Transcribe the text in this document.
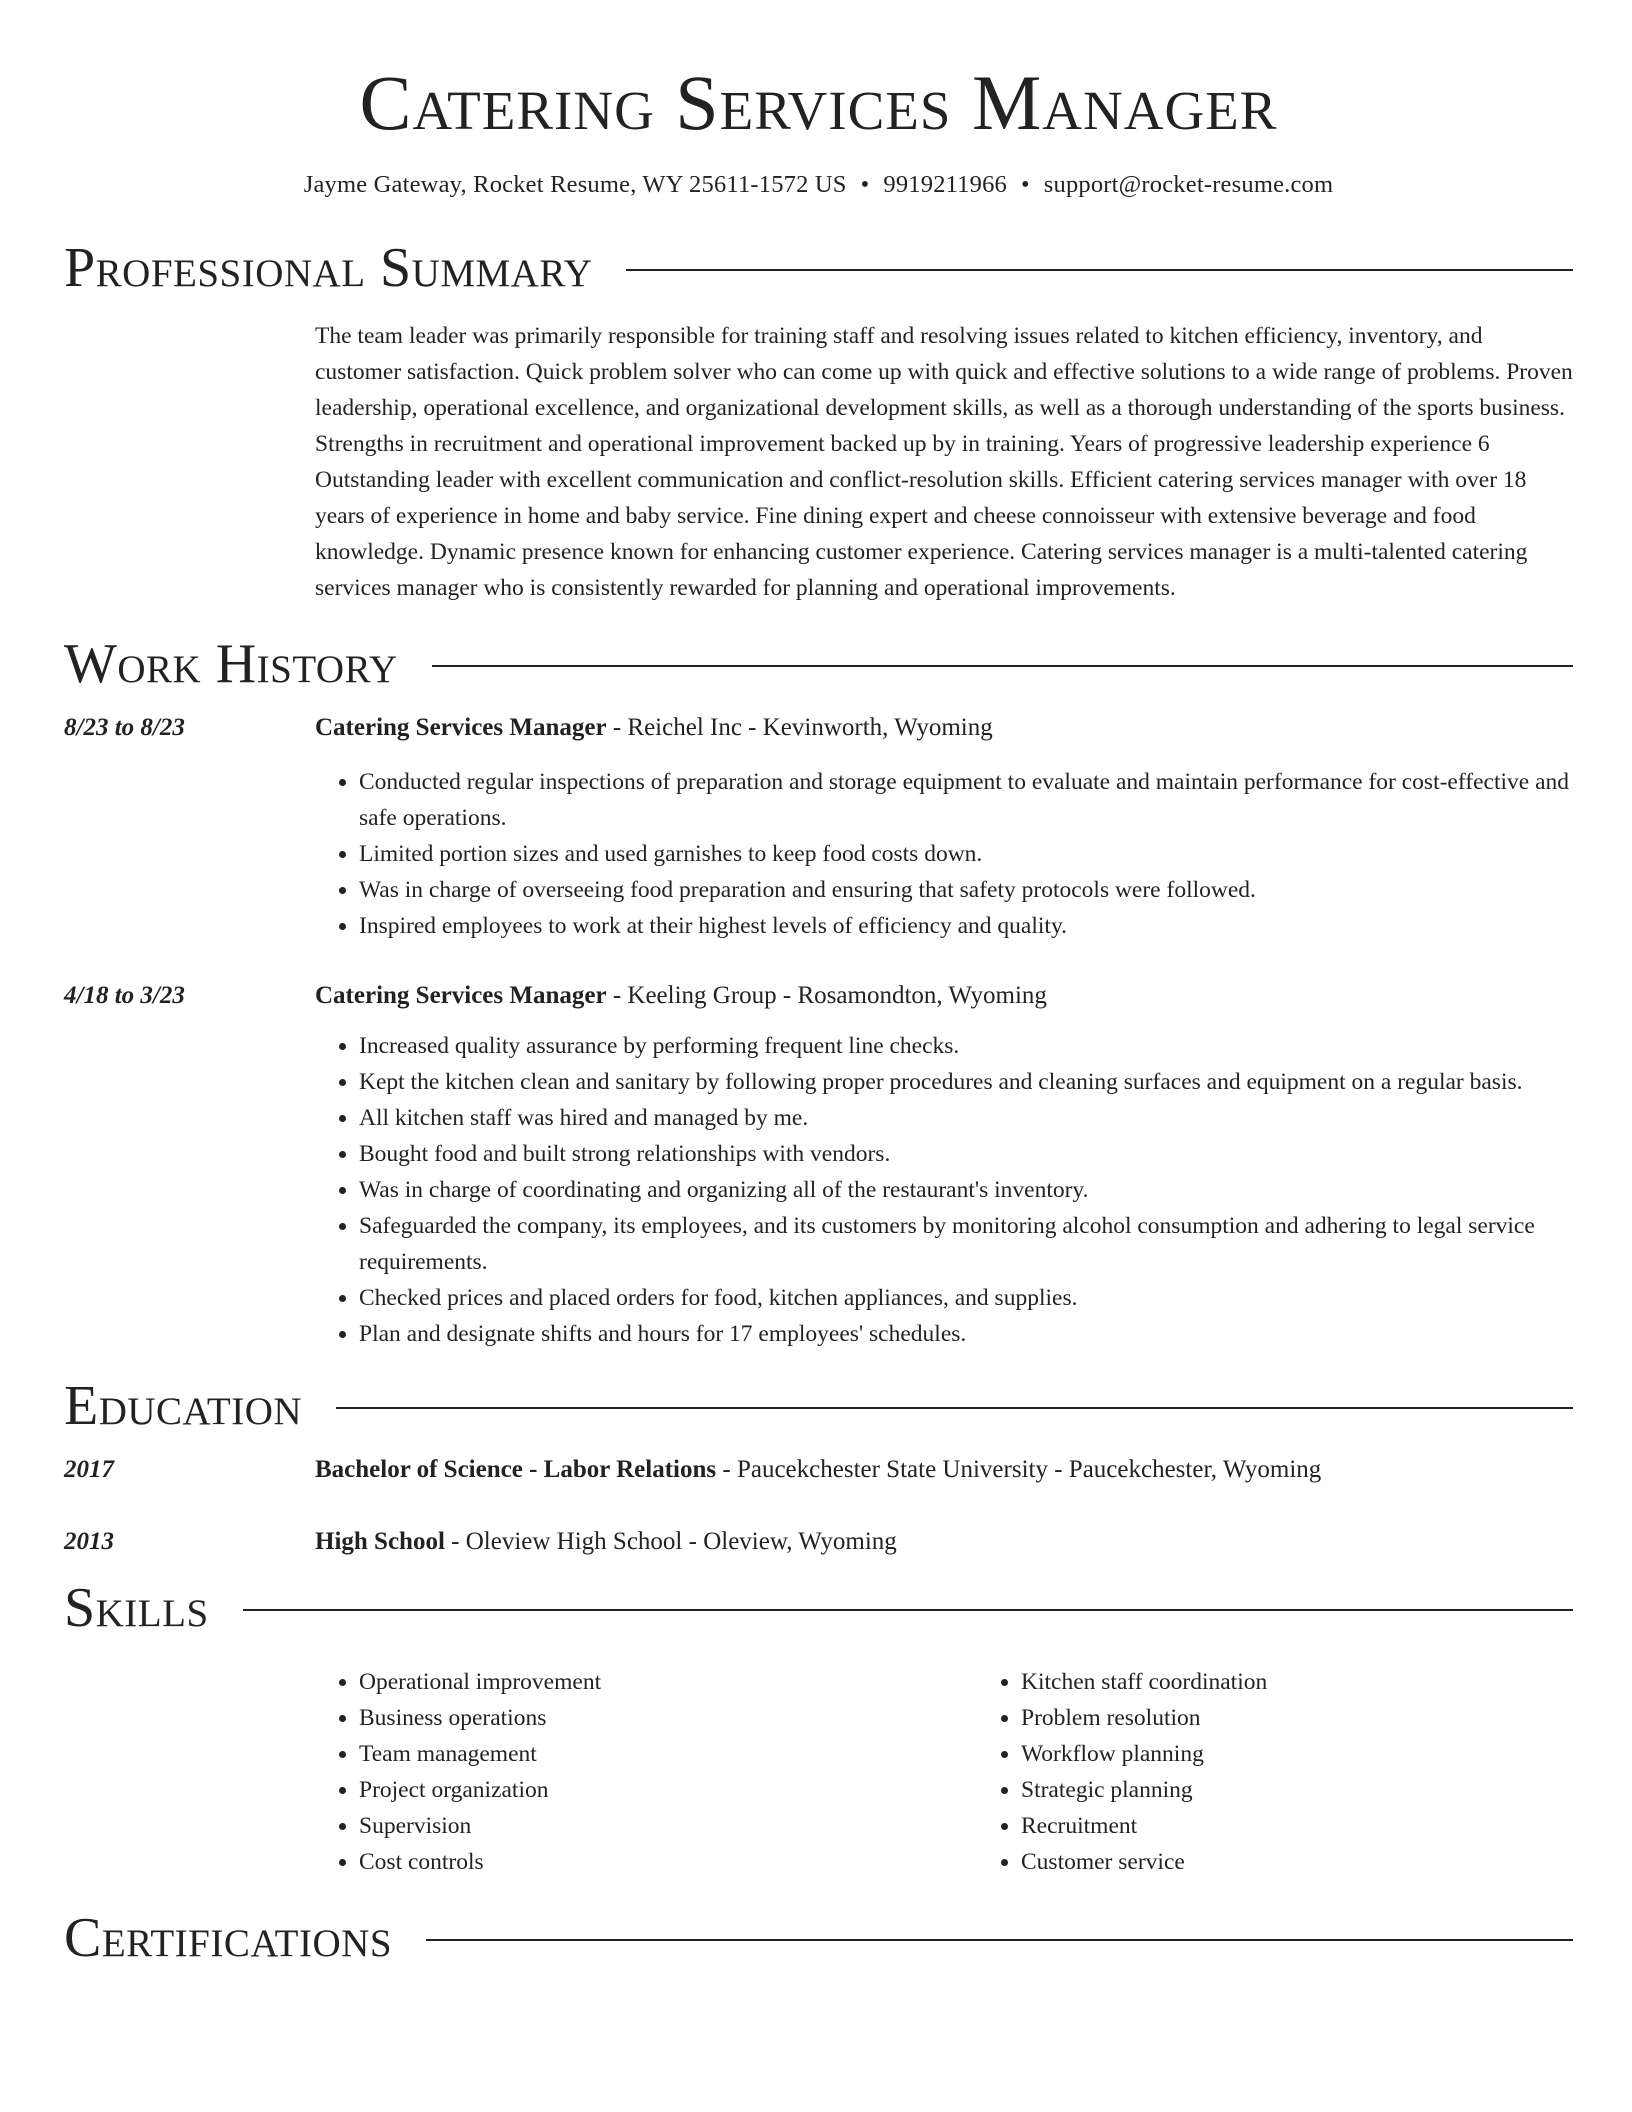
Catering Services Manager
Jayme Gateway, Rocket Resume, WY 25611-1572 US • 9919211966 • support@rocket-resume.com
Professional Summary

The team leader was primarily responsible for training staff and resolving issues related to kitchen efficiency, inventory, and customer satisfaction. Quick problem solver who can come up with quick and effective solutions to a wide range of problems. Proven leadership, operational excellence, and organizational development skills, as well as a thorough understanding of the sports business. Strengths in recruitment and operational improvement backed up by in training. Years of progressive leadership experience 6 Outstanding leader with excellent communication and conflict-resolution skills. Efficient catering services manager with over 18 years of experience in home and baby service. Fine dining expert and cheese connoisseur with extensive beverage and food knowledge. Dynamic presence known for enhancing customer experience. Catering services manager is a multi-talented catering services manager who is consistently rewarded for planning and operational improvements.

Work History
8/23 to 8/23	Catering Services Manager - Reichel Inc - Kevinworth, Wyoming
• Conducted regular inspections of preparation and storage equipment to evaluate and maintain performance for cost-effective and safe operations.
• Limited portion sizes and used garnishes to keep food costs down.
• Was in charge of overseeing food preparation and ensuring that safety protocols were followed.
• Inspired employees to work at their highest levels of efficiency and quality.
4/18 to 3/23	Catering Services Manager - Keeling Group - Rosamondton, Wyoming
• Increased quality assurance by performing frequent line checks.
• Kept the kitchen clean and sanitary by following proper procedures and cleaning surfaces and equipment on a regular basis.
• All kitchen staff was hired and managed by me.
• Bought food and built strong relationships with vendors.
• Was in charge of coordinating and organizing all of the restaurant's inventory.
• Safeguarded the company, its employees, and its customers by monitoring alcohol consumption and adhering to legal service requirements.
• Checked prices and placed orders for food, kitchen appliances, and supplies.
• Plan and designate shifts and hours for 17 employees' schedules.
Education
2017	Bachelor of Science - Labor Relations - Paucekchester State University - Paucekchester, Wyoming
2013	High School - Oleview High School - Oleview, Wyoming
Skills
• Operational improvement
• Business operations
• Team management
• Project organization
• Supervision
• Cost controls
• Kitchen staff coordination
• Problem resolution
• Workflow planning
• Strategic planning
• Recruitment
• Customer service
Certifications
